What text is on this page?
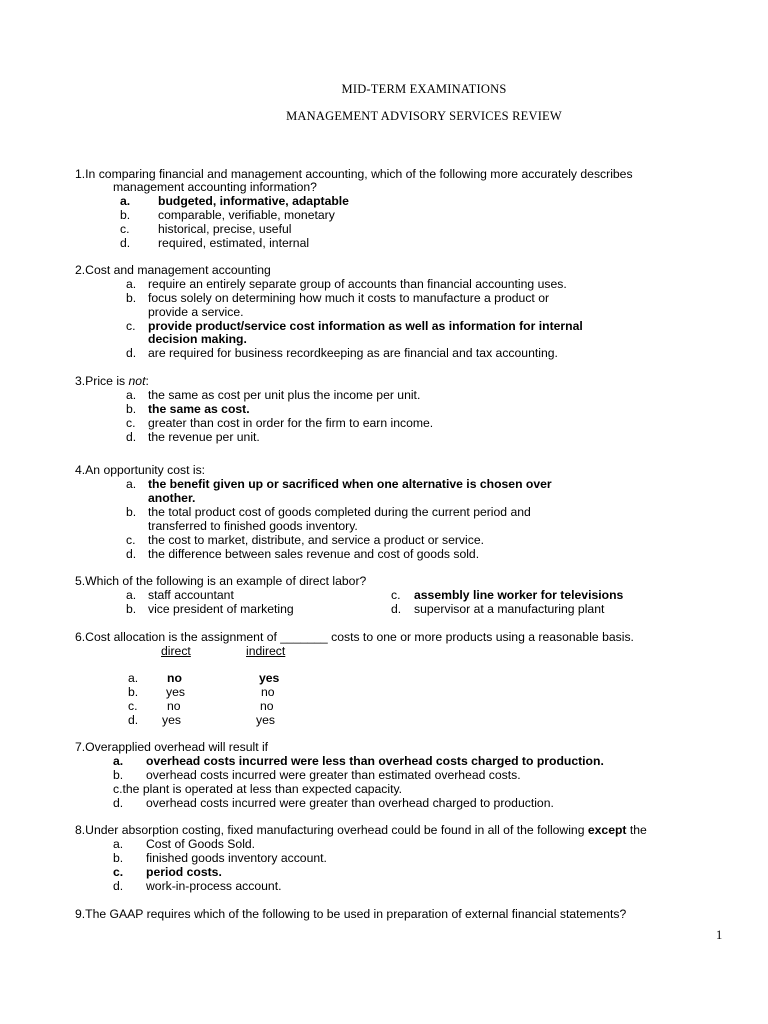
MID-TERM EXAMINATIONS
MANAGEMENT ADVISORY SERVICES REVIEW
1.In comparing financial and management accounting, which of the following more accurately describes
management accounting information?
a. budgeted, informative, adaptable
b. comparable, verifiable, monetary
c. historical, precise, useful
d. required, estimated, internal
2.Cost and management accounting
a. require an entirely separate group of accounts than financial accounting uses.
b. focus solely on determining how much it costs to manufacture a product or
provide a service.
c. provide product/service cost information as well as information for internal
decision making.
d. are required for business recordkeeping as are financial and tax accounting.
3.Price is not:
a. the same as cost per unit plus the income per unit.
b. the same as cost.
c. greater than cost in order for the firm to earn income.
d. the revenue per unit.
4.An opportunity cost is:
a. the benefit given up or sacrificed when one alternative is chosen over
another.
b. the total product cost of goods completed during the current period and
transferred to finished goods inventory.
c. the cost to market, distribute, and service a product or service.
d. the difference between sales revenue and cost of goods sold.
5.Which of the following is an example of direct labor?
a. staff accountant	c. assembly line worker for televisions
b. vice president of marketing	d. supervisor at a manufacturing plant
6.Cost allocation is the assignment of _______ costs to one or more products using a reasonable basis.
direct	indirect
a. no	yes
b. yes	no
c. no	no
d. yes	yes
7.Overapplied overhead will result if
a. overhead costs incurred were less than overhead costs charged to production.
b. overhead costs incurred were greater than estimated overhead costs.
c.the plant is operated at less than expected capacity.
d. overhead costs incurred were greater than overhead charged to production.
8.Under absorption costing, fixed manufacturing overhead could be found in all of the following except the
a. Cost of Goods Sold.
b. finished goods inventory account.
c. period costs.
d. work-in-process account.
9.The GAAP requires which of the following to be used in preparation of external financial statements?
1
